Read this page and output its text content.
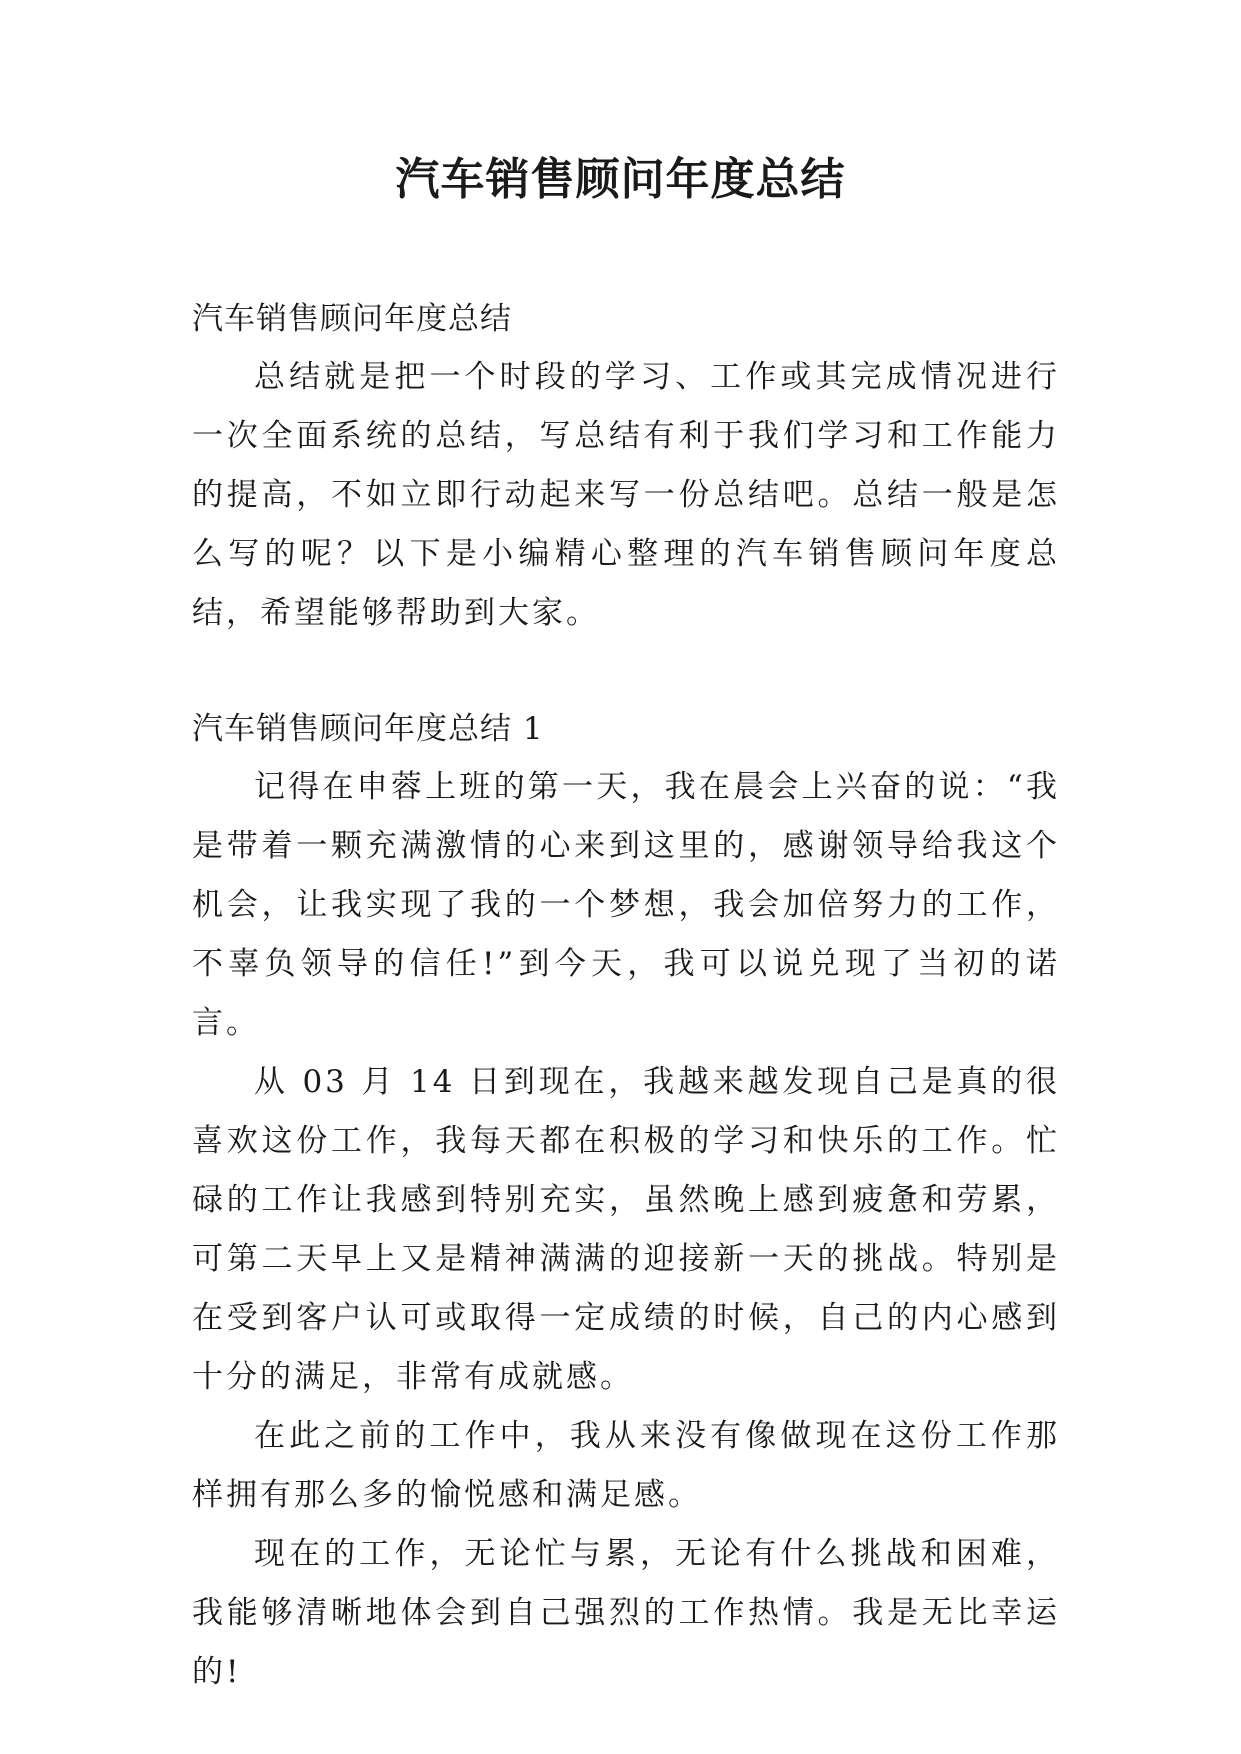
汽车销售顾问年度总结

汽车销售顾问年度总结

总结就是把一个时段的学习、工作或其完成情况进行一次全面系统的总结，写总结有利于我们学习和工作能力的提高，不如立即行动起来写一份总结吧。总结一般是怎么写的呢？以下是小编精心整理的汽车销售顾问年度总结，希望能够帮助到大家。

汽车销售顾问年度总结 1

记得在申蓉上班的第一天，我在晨会上兴奋的说：“我是带着一颗充满激情的心来到这里的，感谢领导给我这个机会，让我实现了我的一个梦想，我会加倍努力的工作，不辜负领导的信任!”到今天，我可以说兑现了当初的诺言。

从 03 月 14 日到现在，我越来越发现自己是真的很喜欢这份工作，我每天都在积极的学习和快乐的工作。忙碌的工作让我感到特别充实，虽然晚上感到疲惫和劳累，可第二天早上又是精神满满的迎接新一天的挑战。特别是在受到客户认可或取得一定成绩的时候，自己的内心感到十分的满足，非常有成就感。

在此之前的工作中，我从来没有像做现在这份工作那样拥有那么多的愉悦感和满足感。

现在的工作，无论忙与累，无论有什么挑战和困难，我能够清晰地体会到自己强烈的工作热情。我是无比幸运的!
